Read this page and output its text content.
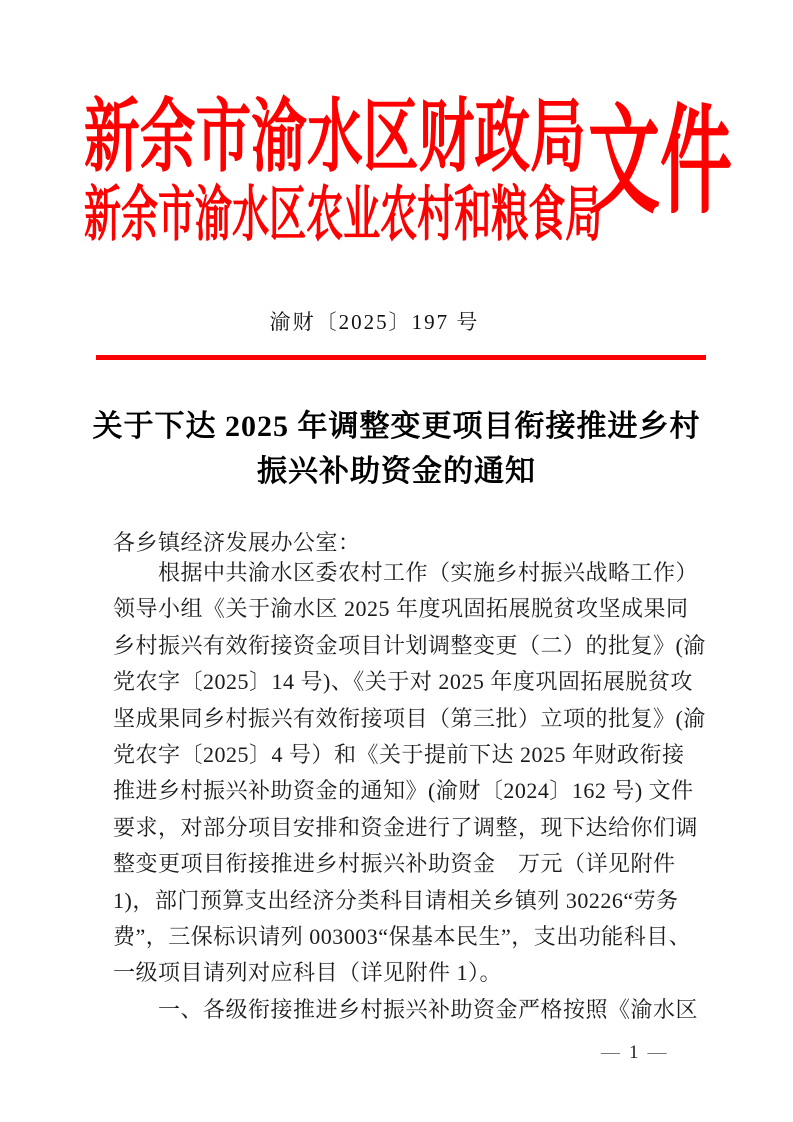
新余市渝水区财政局
新余市渝水区农业农村和粮食局
文件
渝财〔2025〕197 号
关于下达 2025 年调整变更项目衔接推进乡村
振兴补助资金的通知
各乡镇经济发展办公室：
　　根据中共渝水区委农村工作（实施乡村振兴战略工作）
领导小组《关于渝水区 2025 年度巩固拓展脱贫攻坚成果同
乡村振兴有效衔接资金项目计划调整变更（二）的批复》(渝
党农字〔2025〕14 号)、《关于对 2025 年度巩固拓展脱贫攻
坚成果同乡村振兴有效衔接项目（第三批）立项的批复》(渝
党农字〔2025〕4 号）和《关于提前下达 2025 年财政衔接
推进乡村振兴补助资金的通知》(渝财〔2024〕162 号) 文件
要求，对部分项目安排和资金进行了调整，现下达给你们调
整变更项目衔接推进乡村振兴补助资金　万元（详见附件
1)，部门预算支出经济分类科目请相关乡镇列 30226“劳务
费”，三保标识请列 003003“保基本民生”，支出功能科目、
一级项目请列对应科目（详见附件 1）。
　　一、各级衔接推进乡村振兴补助资金严格按照《渝水区
— 1 —
